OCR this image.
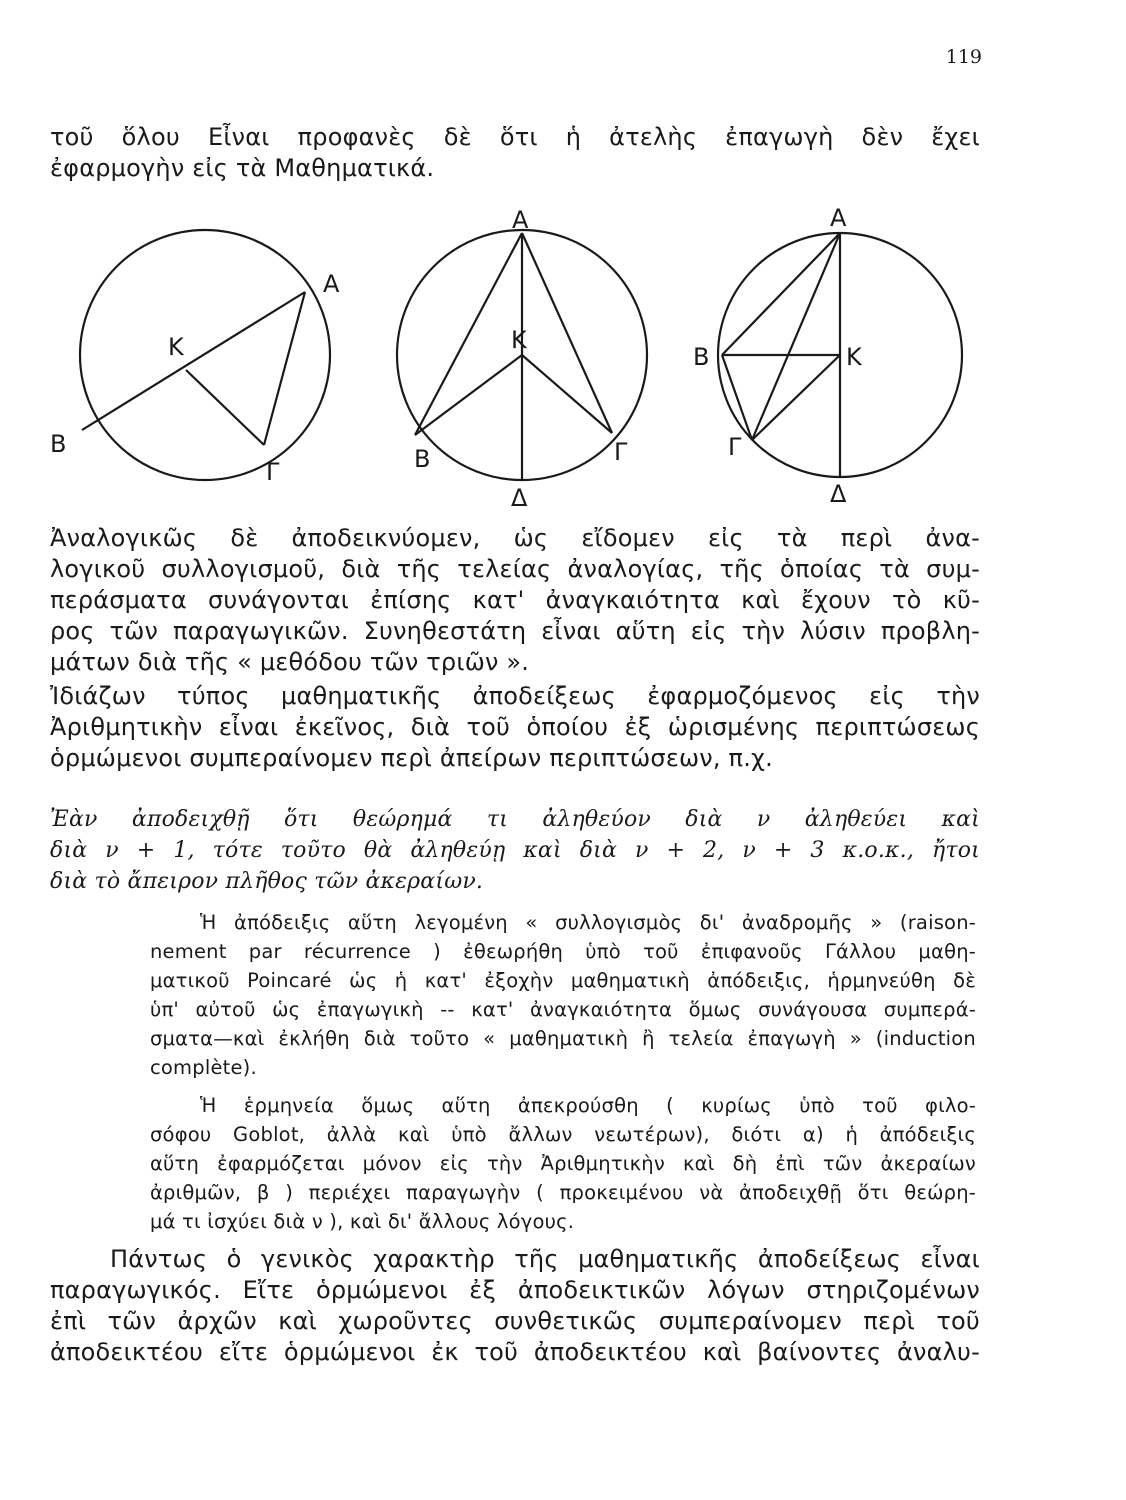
119
τοῦ ὅλου Εἶναι προφανὲς δὲ ὅτι ἡ ἀτελὴς ἐπαγωγὴ δὲν ἔχει
ἐφαρμογὴν εἰς τὰ Μαθηματικά.
Α
Β
Γ
Κ
Α
Β	Γ
Δ
Κ
Α
Β
Γ
Δ
Κ
Ἀναλογικῶς δὲ ἀποδεικνύομεν, ὡς εἴδομεν εἰς τὰ περὶ ἀνα-
λογικοῦ συλλογισμοῦ, διὰ τῆς τελείας ἀναλογίας, τῆς ὁποίας τὰ συμ-
περάσματα συνάγονται ἐπίσης κατ' ἀναγκαιότητα καὶ ἔχουν τὸ κῦ-
ρος τῶν παραγωγικῶν. Συνηθεστάτη εἶναι αὕτη εἰς τὴν λύσιν προβλη-
μάτων διὰ τῆς « μεθόδου τῶν τριῶν ».
Ἰδιάζων τύπος μαθηματικῆς ἀποδείξεως ἐφαρμοζόμενος εἰς τὴν
Ἀριθμητικὴν εἶναι ἐκεῖνος, διὰ τοῦ ὁποίου ἐξ ὡρισμένης περιπτώσεως
ὁρμώμενοι συμπεραίνομεν περὶ ἀπείρων περιπτώσεων, π.χ.
Ἐὰν ἀποδειχθῇ ὅτι θεώρημά τι ἀληθεύον διὰ ν ἀληθεύει καὶ
διὰ ν + 1, τότε τοῦτο θὰ ἀληθεύῃ καὶ διὰ ν + 2, ν + 3 κ.ο.κ., ἤτοι
διὰ τὸ ἄπειρον πλῆθος τῶν ἀκεραίων.
Ἡ ἀπόδειξις αὕτη λεγομένη « συλλογισμὸς δι' ἀναδρομῆς » (raison-
nement par récurrence ) ἐθεωρήθη ὑπὸ τοῦ ἐπιφανοῦς Γάλλου μαθη-
ματικοῦ Poincaré ὡς ἡ κατ' ἐξοχὴν μαθηματικὴ ἀπόδειξις, ἡρμηνεύθη δὲ
ὑπ' αὐτοῦ ὡς ἐπαγωγικὴ -- κατ' ἀναγκαιότητα ὅμως συνάγουσα συμπερά-
σματα—καὶ ἐκλήθη διὰ τοῦτο « μαθηματικὴ ἢ τελεία ἐπαγωγὴ » (induction
complète).
Ἡ ἑρμηνεία ὅμως αὕτη ἀπεκρούσθη ( κυρίως ὑπὸ τοῦ φιλο-
σόφου Goblot, ἀλλὰ καὶ ὑπὸ ἄλλων νεωτέρων), διότι α) ἡ ἀπόδειξις
αὕτη ἐφαρμόζεται μόνον εἰς τὴν Ἀριθμητικὴν καὶ δὴ ἐπὶ τῶν ἀκεραίων
ἀριθμῶν, β ) περιέχει παραγωγὴν ( προκειμένου νὰ ἀποδειχθῇ ὅτι θεώρη-
μά τι ἰσχύει διὰ ν ), καὶ δι' ἄλλους λόγους.
Πάντως ὁ γενικὸς χαρακτὴρ τῆς μαθηματικῆς ἀποδείξεως εἶναι
παραγωγικός. Εἴτε ὁρμώμενοι ἐξ ἀποδεικτικῶν λόγων στηριζομένων
ἐπὶ τῶν ἀρχῶν καὶ χωροῦντες συνθετικῶς συμπεραίνομεν περὶ τοῦ
ἀποδεικτέου εἴτε ὁρμώμενοι ἐκ τοῦ ἀποδεικτέου καὶ βαίνοντες ἀναλυ-
